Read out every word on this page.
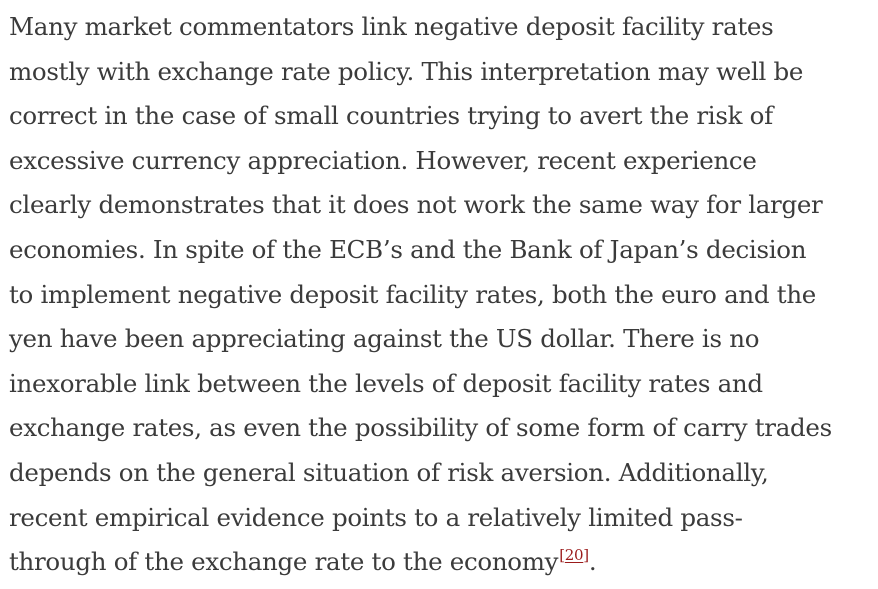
Many market commentators link negative deposit facility rates
mostly with exchange rate policy. This interpretation may well be
correct in the case of small countries trying to avert the risk of
excessive currency appreciation. However, recent experience
clearly demonstrates that it does not work the same way for larger
economies. In spite of the ECB’s and the Bank of Japan’s decision
to implement negative deposit facility rates, both the euro and the
yen have been appreciating against the US dollar. There is no
inexorable link between the levels of deposit facility rates and
exchange rates, as even the possibility of some form of carry trades
depends on the general situation of risk aversion. Additionally,
recent empirical evidence points to a relatively limited pass-
through of the exchange rate to the economy[20].
